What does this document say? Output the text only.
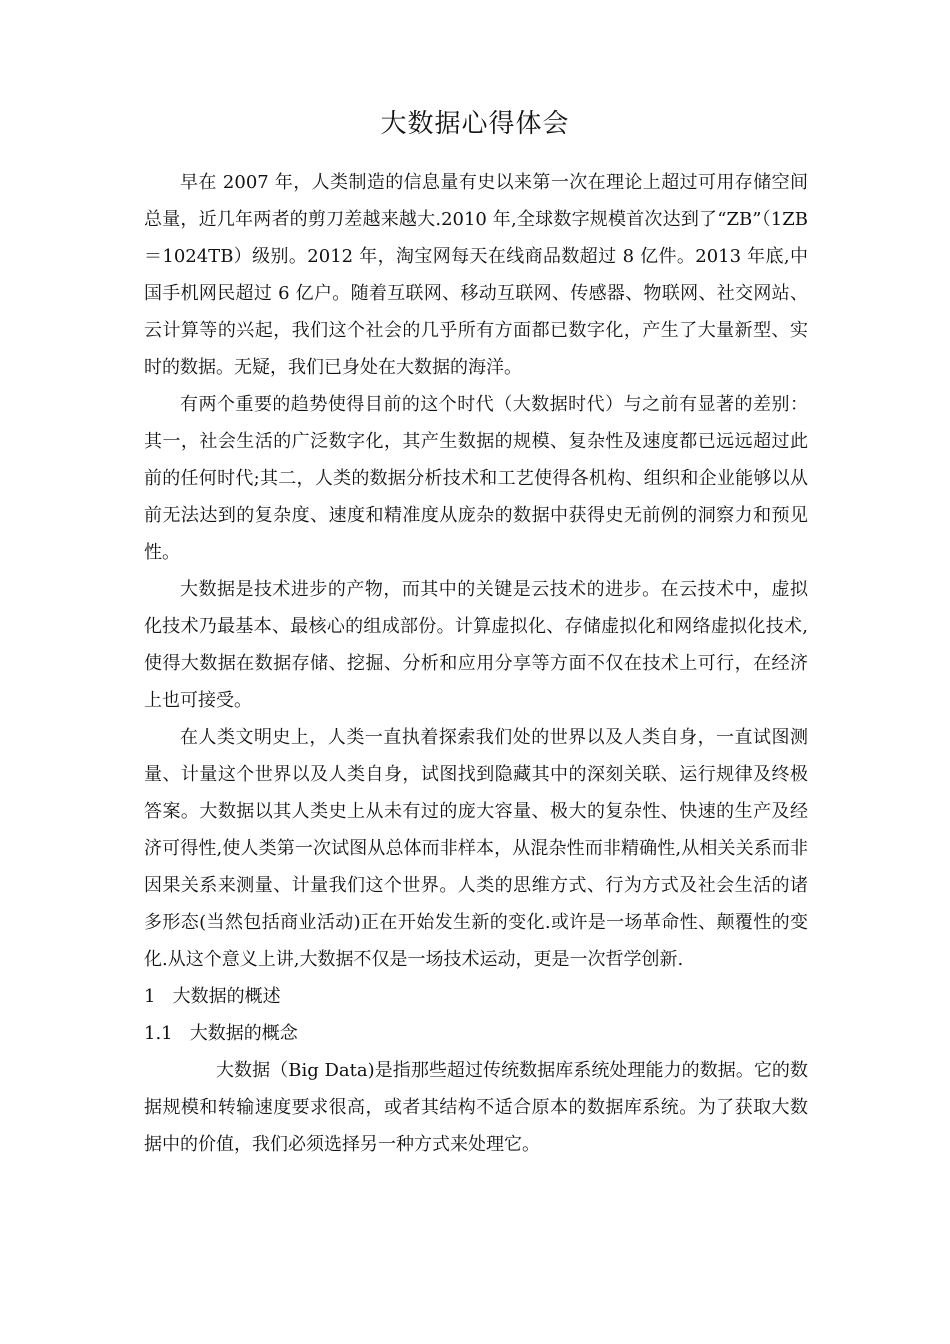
大数据心得体会

早在 2007 年，人类制造的信息量有史以来第一次在理论上超过可用存储空间总量，近几年两者的剪刀差越来越大.2010 年,全球数字规模首次达到了“ZB”（1ZB＝1024TB）级别。2012 年，淘宝网每天在线商品数超过 8 亿件。2013 年底,中国手机网民超过 6 亿户。随着互联网、移动互联网、传感器、物联网、社交网站、云计算等的兴起，我们这个社会的几乎所有方面都已数字化，产生了大量新型、实时的数据。无疑，我们已身处在大数据的海洋。

有两个重要的趋势使得目前的这个时代（大数据时代）与之前有显著的差别：其一，社会生活的广泛数字化，其产生数据的规模、复杂性及速度都已远远超过此前的任何时代;其二，人类的数据分析技术和工艺使得各机构、组织和企业能够以从前无法达到的复杂度、速度和精准度从庞杂的数据中获得史无前例的洞察力和预见性。

大数据是技术进步的产物，而其中的关键是云技术的进步。在云技术中，虚拟化技术乃最基本、最核心的组成部份。计算虚拟化、存储虚拟化和网络虚拟化技术,使得大数据在数据存储、挖掘、分析和应用分享等方面不仅在技术上可行，在经济上也可接受。

在人类文明史上，人类一直执着探索我们处的世界以及人类自身，一直试图测量、计量这个世界以及人类自身，试图找到隐藏其中的深刻关联、运行规律及终极答案。大数据以其人类史上从未有过的庞大容量、极大的复杂性、快速的生产及经济可得性,使人类第一次试图从总体而非样本，从混杂性而非精确性,从相关关系而非因果关系来测量、计量我们这个世界。人类的思维方式、行为方式及社会生活的诸多形态(当然包括商业活动)正在开始发生新的变化.或许是一场革命性、颠覆性的变化.从这个意义上讲,大数据不仅是一场技术运动，更是一次哲学创新.

1   大数据的概述

1.1   大数据的概念

大数据（Big Data)是指那些超过传统数据库系统处理能力的数据。它的数据规模和转输速度要求很高，或者其结构不适合原本的数据库系统。为了获取大数据中的价值，我们必须选择另一种方式来处理它。
